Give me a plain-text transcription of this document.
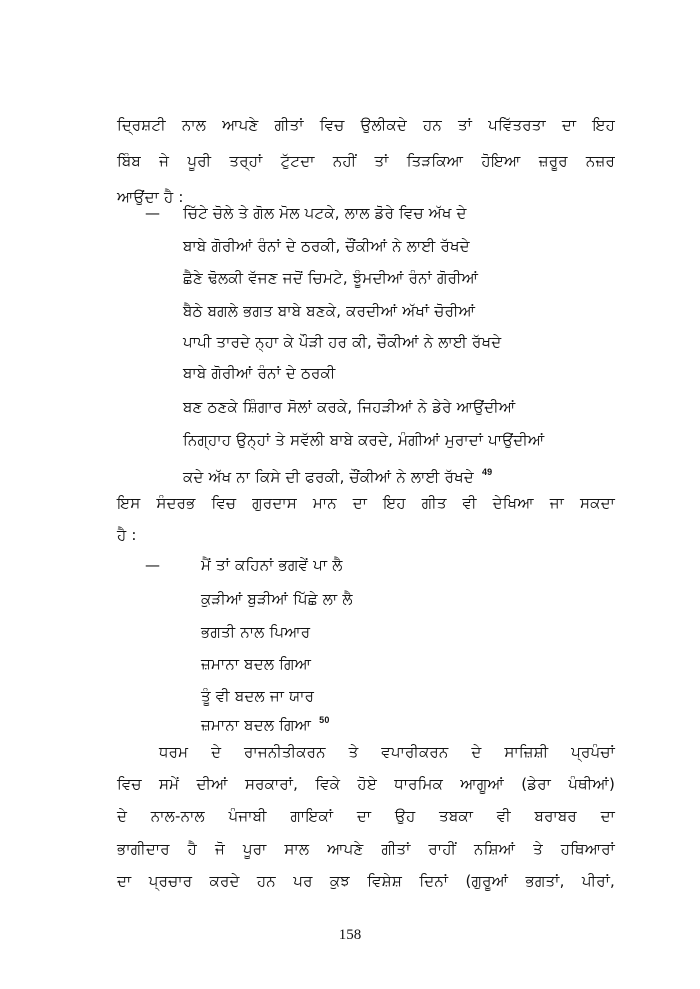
ਦ੍ਰਿਸ਼ਟੀ ਨਾਲ ਆਪਣੇ ਗੀਤਾਂ ਵਿਚ ਉਲੀਕਦੇ ਹਨ ਤਾਂ ਪਵਿੱਤਰਤਾ ਦਾ ਇਹ
ਬਿੰਬ ਜੇ ਪੂਰੀ ਤਰ੍ਹਾਂ ਟੁੱਟਦਾ ਨਹੀਂ ਤਾਂ ਤਿੜਕਿਆ ਹੋਇਆ ਜ਼ਰੂਰ ਨਜ਼ਰ
ਆਉਂਦਾ ਹੈ :
— ਚਿੱਟੇ ਚੋਲੇ ਤੇ ਗੋਲ ਮੋਲ ਪਟਕੇ, ਲਾਲ ਡੋਰੇ ਵਿਚ ਅੱਖ ਦੇ
ਬਾਬੇ ਗੋਰੀਆਂ ਰੰਨਾਂ ਦੇ ਠਰਕੀ, ਚੌਂਕੀਆਂ ਨੇ ਲਾਈ ਰੱਖਦੇ
ਛੈਣੇ ਢੋਲਕੀ ਵੱਜਣ ਜਦੋਂ ਚਿਮਟੇ, ਝੂੰਮਦੀਆਂ ਰੰਨਾਂ ਗੋਰੀਆਂ
ਬੈਠੇ ਬਗਲੇ ਭਗਤ ਬਾਬੇ ਬਣਕੇ, ਕਰਦੀਆਂ ਅੱਖਾਂ ਚੋਰੀਆਂ
ਪਾਪੀ ਤਾਰਦੇ ਨ੍ਹਾ ਕੇ ਪੌੜੀ ਹਰ ਕੀ, ਚੌਕੀਆਂ ਨੇ ਲਾਈ ਰੱਖਦੇ
ਬਾਬੇ ਗੋਰੀਆਂ ਰੰਨਾਂ ਦੇ ਠਰਕੀ
ਬਣ ਠਣਕੇ ਸ਼ਿੰਗਾਰ ਸੋਲਾਂ ਕਰਕੇ, ਜਿਹੜੀਆਂ ਨੇ ਡੇਰੇ ਆਉਂਦੀਆਂ
ਨਿਗ੍ਹਾਹ ਉਨ੍ਹਾਂ ਤੇ ਸਵੱਲੀ ਬਾਬੇ ਕਰਦੇ, ਮੰਗੀਆਂ ਮੁਰਾਦਾਂ ਪਾਉਂਦੀਆਂ
ਕਦੇ ਅੱਖ ਨਾ ਕਿਸੇ ਦੀ ਫਰਕੀ, ਚੌਂਕੀਆਂ ਨੇ ਲਾਈ ਰੱਖਦੇ $^{49}$
ਇਸ ਸੰਦਰਭ ਵਿਚ ਗੁਰਦਾਸ ਮਾਨ ਦਾ ਇਹ ਗੀਤ ਵੀ ਦੇਖਿਆ ਜਾ ਸਕਦਾ
ਹੈ :
—	ਮੈਂ ਤਾਂ ਕਹਿਨਾਂ ਭਗਵੇਂ ਪਾ ਲੈ
ਕੁੜੀਆਂ ਬੁੜੀਆਂ ਪਿੱਛੇ ਲਾ ਲੈ
ਭਗਤੀ ਨਾਲ ਪਿਆਰ
ਜ਼ਮਾਨਾ ਬਦਲ ਗਿਆ
ਤੂੰ ਵੀ ਬਦਲ ਜਾ ਯਾਰ
ਜ਼ਮਾਨਾ ਬਦਲ ਗਿਆ $^{50}$
ਧਰਮ ਦੇ ਰਾਜਨੀਤੀਕਰਨ ਤੇ ਵਪਾਰੀਕਰਨ ਦੇ ਸਾਜ਼ਿਸ਼ੀ ਪ੍ਰਪੰਚਾਂ
ਵਿਚ ਸਮੇਂ ਦੀਆਂ ਸਰਕਾਰਾਂ, ਵਿਕੇ ਹੋਏ ਧਾਰਮਿਕ ਆਗੂਆਂ (ਡੇਰਾ ਪੰਥੀਆਂ)
ਦੇ ਨਾਲ-ਨਾਲ ਪੰਜਾਬੀ ਗਾਇਕਾਂ ਦਾ ਉਹ ਤਬਕਾ ਵੀ ਬਰਾਬਰ ਦਾ
ਭਾਗੀਦਾਰ ਹੈ ਜੋ ਪੂਰਾ ਸਾਲ ਆਪਣੇ ਗੀਤਾਂ ਰਾਹੀਂ ਨਸ਼ਿਆਂ ਤੇ ਹਥਿਆਰਾਂ
ਦਾ ਪ੍ਰਚਾਰ ਕਰਦੇ ਹਨ ਪਰ ਕੁਝ ਵਿਸ਼ੇਸ਼ ਦਿਨਾਂ (ਗੁਰੂਆਂ ਭਗਤਾਂ, ਪੀਰਾਂ,
158
